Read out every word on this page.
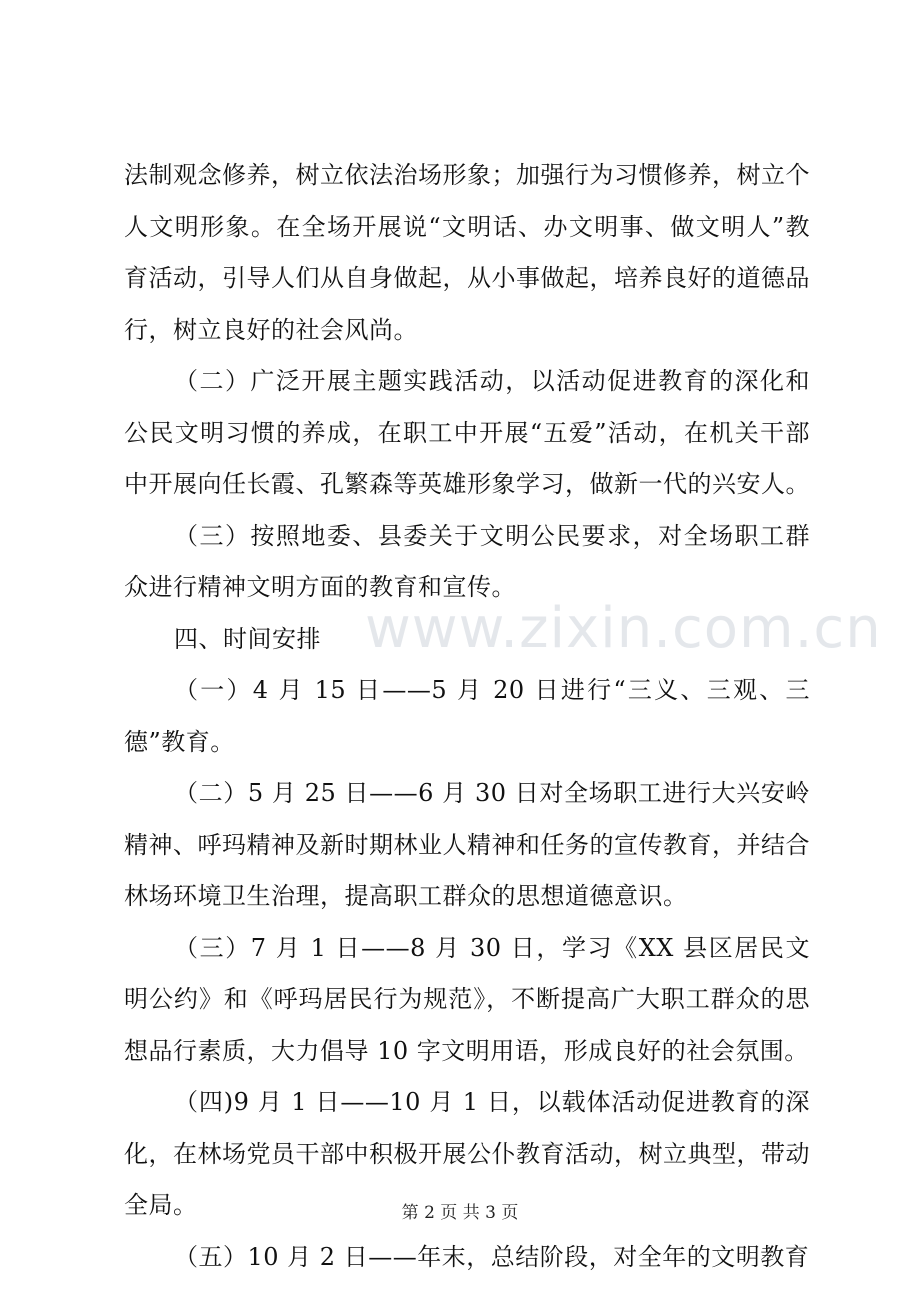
www.zixin.com.cn

法制观念修养，树立依法治场形象；加强行为习惯修养，树立个人文明形象。在全场开展说“文明话、办文明事、做文明人”教育活动，引导人们从自身做起，从小事做起，培养良好的道德品行，树立良好的社会风尚。

（二）广泛开展主题实践活动，以活动促进教育的深化和公民文明习惯的养成，在职工中开展“五爱”活动，在机关干部中开展向任长霞、孔繁森等英雄形象学习，做新一代的兴安人。

（三）按照地委、县委关于文明公民要求，对全场职工群众进行精神文明方面的教育和宣传。

四、时间安排

（一）4 月 15 日——5 月 20 日进行“三义、三观、三德”教育。

（二）5 月 25 日——6 月 30 日对全场职工进行大兴安岭精神、呼玛精神及新时期林业人精神和任务的宣传教育，并结合林场环境卫生治理，提高职工群众的思想道德意识。

（三）7 月 1 日——8 月 30 日，学习《XX 县区居民文明公约》和《呼玛居民行为规范》，不断提高广大职工群众的思想品行素质，大力倡导 10 字文明用语，形成良好的社会氛围。

（四)9 月 1 日——10 月 1 日，以载体活动促进教育的深化，在林场党员干部中积极开展公仆教育活动，树立典型，带动全局。

（五）10 月 2 日——年末，总结阶段，对全年的文明教育

第 2 页 共 3 页
